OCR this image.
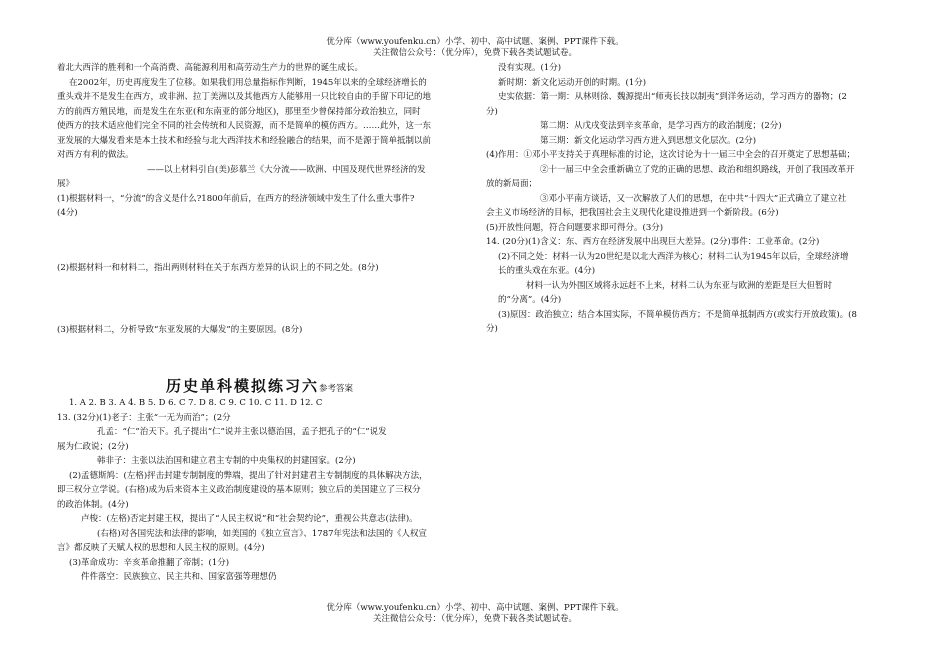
优分库（www.youfenku.cn）小学、初中、高中试题、案例、PPT课件下载。
关注微信公众号：（优分库），免费下载各类试题试卷。

着北大西洋的胜利和一个高消费、高能源利用和高劳动生产力的世界的诞生成长。

在2002年，历史再度发生了位移。如果我们用总量指标作判断，1945年以来的全球经济增长的

重头戏并不是发生在西方，或非洲、拉丁美洲以及其他西方人能够用一只比较自由的手留下印记的地

方的前西方殖民地，而是发生在东亚(和东南亚的部分地区)，那里至少曾保持部分政治独立，同时

使西方的技术适应他们完全不同的社会传统和人民资源，而不是简单的模仿西方。……此外，这一东

亚发展的大爆发看来是本土技术和经验与北大西洋技术和经验融合的结果，而不是源于简单抵制以前

对西方有利的做法。

——以上材料引自(美)彭慕兰《大分流——欧洲、中国及现代世界经济的发

展》

(1)根据材料一，“分流”的含义是什么?1800年前后，在西方的经济领域中发生了什么重大事件?

(4分)

(2)根据材料一和材料二，指出两则材料在关于东西方差异的认识上的不同之处。(8分)

(3)根据材料二，分析导致“东亚发展的大爆发”的主要原因。(8分)

历史单科模拟练习六参考答案

1. A 2. B 3. A 4. B 5. D 6. C 7. D 8. C 9. C 10. C 11. D 12. C

13. (32分)(1)老子：主张“一无为而治”；(2分

孔孟：“仁”治天下。孔子提出“仁”说并主张以德治国，孟子把孔子的“仁”说发

展为仁政说；(2分)

韩非子：主张以法治国和建立君主专制的中央集权的封建国家。(2分)

(2)孟德斯鸠：(左格)抨击封建专制制度的弊端，提出了针对封建君主专制制度的具体解决方法，

即三权分立学说。(右格)成为后来资本主义政治制度建设的基本原则；独立后的美国建立了三权分

的政治体制。(4分)

卢梭：(左格)否定封建王权，提出了“人民主权说”和“社会契约论”，重视公共意志(法律)。

(右格)对各国宪法和法律的影响，如美国的《独立宣言》、1787年宪法和法国的《人权宣

言》都反映了天赋人权的思想和人民主权的原则。(4分)

(3)革命成功：辛亥革命推翻了帝制；(1分)

件件落空：民族独立、民主共和、国家富强等理想仍

没有实现。(1分)

新时期：新文化运动开创的时期。(1分)

史实依据：第一期：从林则徐、魏源提出“师夷长技以制夷”到洋务运动，学习西方的器物；(2

分)

第二期：从戊戌变法到辛亥革命，是学习西方的政治制度；(2分)

第三期：新文化运动学习西方进入到思想文化层次。(2分)

(4)作用：①邓小平支持关于真理标准的讨论，这次讨论为十一届三中全会的召开奠定了思想基础；

②十一届三中全会重新确立了党的正确的思想、政治和组织路线，开创了我国改革开

放的新局面；

③邓小平南方谈话，又一次解放了人们的思想，在中共“十四大”正式确立了建立社

会主义市场经济的目标，把我国社会主义现代化建设推进到一个新阶段。(6分)

(5)开放性问题，符合问题要求即可得分。(3分)

14. (20分)(1)含义：东、西方在经济发展中出现巨大差异。(2分)事件：工业革命。(2分)

(2)不同之处：材料一认为20世纪是以北大西洋为核心；材料二认为1945年以后，全球经济增

长的重头戏在东亚。(4分)

材料一认为外围区域将永远赶不上来，材料二认为东亚与欧洲的差距是巨大但暂时

的“分离”。(4分)

(3)原因：政治独立；结合本国实际，不简单模仿西方；不是简单抵制西方(或实行开放政策)。(8

分)

优分库（www.youfenku.cn）小学、初中、高中试题、案例、PPT课件下载。
关注微信公众号：（优分库），免费下载各类试题试卷。
